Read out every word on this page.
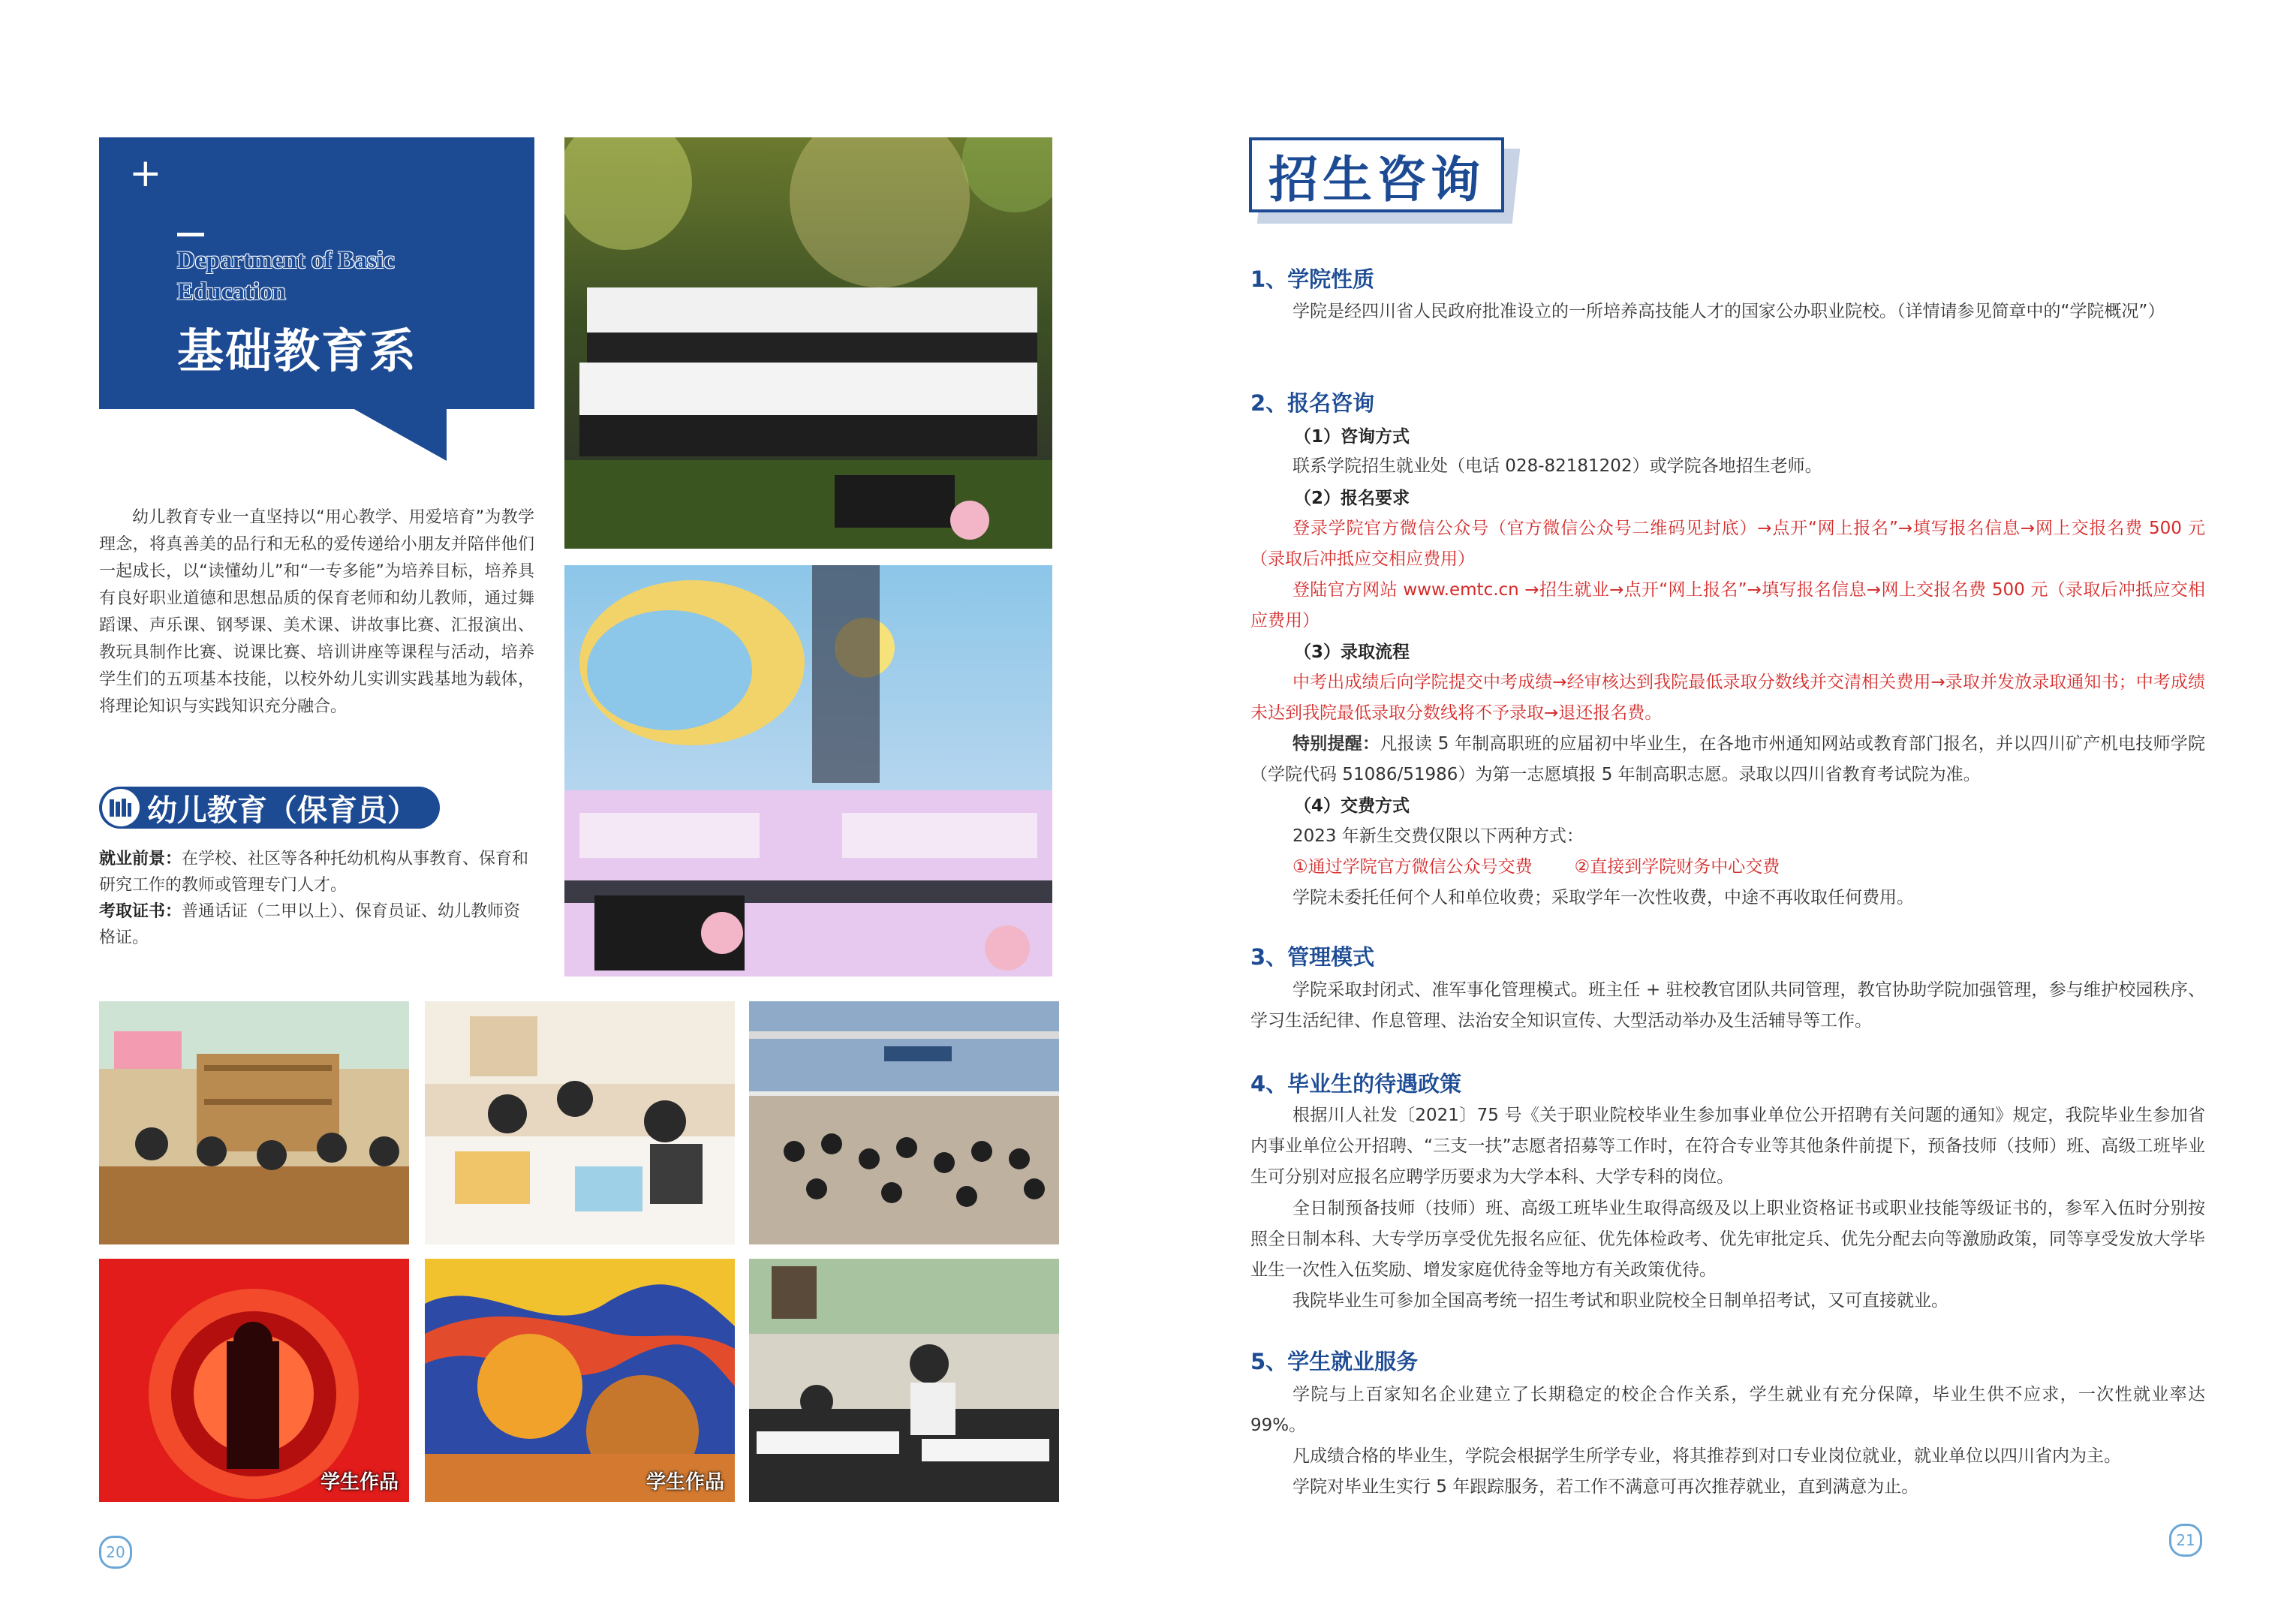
+
Department of Basic Education
基础教育系
幼儿教育专业一直坚持以“用心教学、用爱培育”为教学理念，将真善美的品行和无私的爱传递给小朋友并陪伴他们一起成长，以“读懂幼儿”和“一专多能”为培养目标，培养具有良好职业道德和思想品质的保育老师和幼儿教师，通过舞蹈课、声乐课、钢琴课、美术课、讲故事比赛、汇报演出、教玩具制作比赛、说课比赛、培训讲座等课程与活动，培养学生们的五项基本技能，以校外幼儿实训实践基地为载体，将理论知识与实践知识充分融合。
幼儿教育（保育员）
就业前景：在学校、社区等各种托幼机构从事教育、保育和研究工作的教师或管理专门人才。
考取证书：普通话证（二甲以上）、保育员证、幼儿教师资格证。
学生作品	学生作品
20
招生咨询
1、学院性质
学院是经四川省人民政府批准设立的一所培养高技能人才的国家公办职业院校。（详情请参见简章中的“学院概况”）
2、报名咨询
（1）咨询方式
联系学院招生就业处（电话 028-82181202）或学院各地招生老师。
（2）报名要求
登录学院官方微信公众号（官方微信公众号二维码见封底）→点开“网上报名”→填写报名信息→网上交报名费 500 元（录取后冲抵应交相应费用）
登陆官方网站 www.emtc.cn →招生就业→点开“网上报名”→填写报名信息→网上交报名费 500 元（录取后冲抵应交相应费用）
（3）录取流程
中考出成绩后向学院提交中考成绩→经审核达到我院最低录取分数线并交清相关费用→录取并发放录取通知书；中考成绩未达到我院最低录取分数线将不予录取→退还报名费。
特别提醒：凡报读 5 年制高职班的应届初中毕业生，在各地市州通知网站或教育部门报名，并以四川矿产机电技师学院（学院代码 51086/51986）为第一志愿填报 5 年制高职志愿。录取以四川省教育考试院为准。
（4）交费方式
2023 年新生交费仅限以下两种方式：
①通过学院官方微信公众号交费 ②直接到学院财务中心交费
学院未委托任何个人和单位收费；采取学年一次性收费，中途不再收取任何费用。
3、管理模式
学院采取封闭式、准军事化管理模式。班主任 + 驻校教官团队共同管理，教官协助学院加强管理，参与维护校园秩序、学习生活纪律、作息管理、法治安全知识宣传、大型活动举办及生活辅导等工作。
4、毕业生的待遇政策
根据川人社发〔2021〕75 号《关于职业院校毕业生参加事业单位公开招聘有关问题的通知》规定，我院毕业生参加省内事业单位公开招聘、“三支一扶”志愿者招募等工作时，在符合专业等其他条件前提下，预备技师（技师）班、高级工班毕业生可分别对应报名应聘学历要求为大学本科、大学专科的岗位。
全日制预备技师（技师）班、高级工班毕业生取得高级及以上职业资格证书或职业技能等级证书的，参军入伍时分别按照全日制本科、大专学历享受优先报名应征、优先体检政考、优先审批定兵、优先分配去向等激励政策，同等享受发放大学毕业生一次性入伍奖励、增发家庭优待金等地方有关政策优待。
我院毕业生可参加全国高考统一招生考试和职业院校全日制单招考试，又可直接就业。
5、学生就业服务
学院与上百家知名企业建立了长期稳定的校企合作关系，学生就业有充分保障，毕业生供不应求，一次性就业率达 99%。
凡成绩合格的毕业生，学院会根据学生所学专业，将其推荐到对口专业岗位就业，就业单位以四川省内为主。
学院对毕业生实行 5 年跟踪服务，若工作不满意可再次推荐就业，直到满意为止。
21
